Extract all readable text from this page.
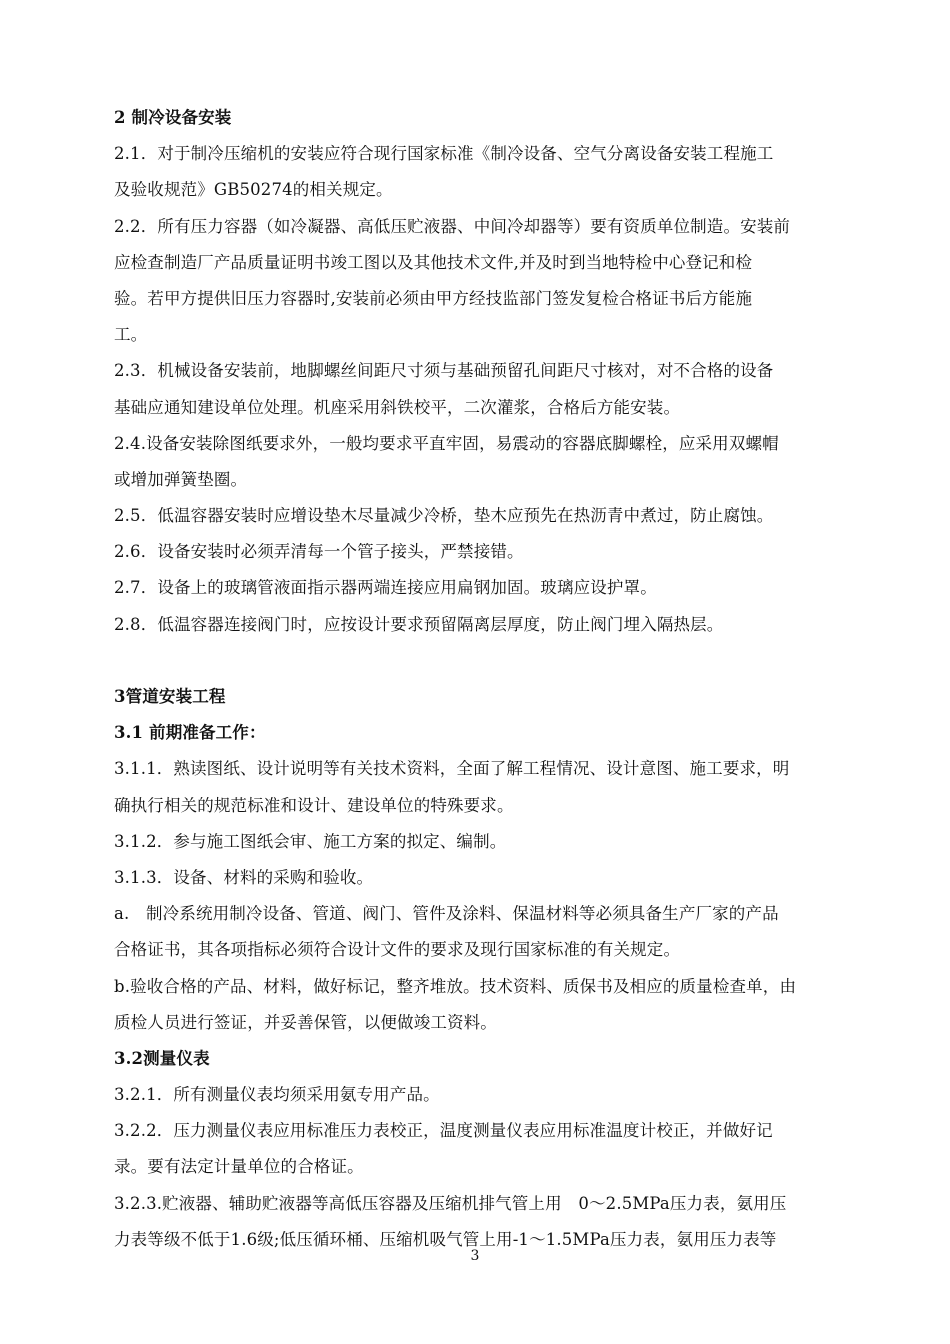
2 制冷设备安装
2.1．对于制冷压缩机的安装应符合现行国家标准《制冷设备、空气分离设备安装工程施工
及验收规范》GB50274的相关规定。
2.2．所有压力容器（如冷凝器、高低压贮液器、中间冷却器等）要有资质单位制造。安装前
应检查制造厂产品质量证明书竣工图以及其他技术文件,并及时到当地特检中心登记和检
验。若甲方提供旧压力容器时,安装前必须由甲方经技监部门签发复检合格证书后方能施
工。
2.3．机械设备安装前，地脚螺丝间距尺寸须与基础预留孔间距尺寸核对，对不合格的设备
基础应通知建设单位处理。机座采用斜铁校平，二次灌浆，合格后方能安装。
2.4.设备安装除图纸要求外，一般均要求平直牢固，易震动的容器底脚螺栓，应采用双螺帽
或增加弹簧垫圈。
2.5．低温容器安装时应增设垫木尽量减少冷桥，垫木应预先在热沥青中煮过，防止腐蚀。
2.6．设备安装时必须弄清每一个管子接头，严禁接错。
2.7．设备上的玻璃管液面指示器两端连接应用扁钢加固。玻璃应设护罩。
2.8．低温容器连接阀门时，应按设计要求预留隔离层厚度，防止阀门埋入隔热层。
3管道安装工程
3.1 前期准备工作：
3.1.1．熟读图纸、设计说明等有关技术资料，全面了解工程情况、设计意图、施工要求，明
确执行相关的规范标准和设计、建设单位的特殊要求。
3.1.2．参与施工图纸会审、施工方案的拟定、编制。
3.1.3．设备、材料的采购和验收。
a.　制冷系统用制冷设备、管道、阀门、管件及涂料、保温材料等必须具备生产厂家的产品
合格证书，其各项指标必须符合设计文件的要求及现行国家标准的有关规定。
b.验收合格的产品、材料，做好标记，整齐堆放。技术资料、质保书及相应的质量检查单，由
质检人员进行签证，并妥善保管，以便做竣工资料。
3.2测量仪表
3.2.1．所有测量仪表均须采用氨专用产品。
3.2.2．压力测量仪表应用标准压力表校正，温度测量仪表应用标准温度计校正，并做好记
录。要有法定计量单位的合格证。
3.2.3.贮液器、辅助贮液器等高低压容器及压缩机排气管上用　0～2.5MPa压力表，氨用压
力表等级不低于1.6级;低压循环桶、压缩机吸气管上用-1～1.5MPa压力表，氨用压力表等
3
